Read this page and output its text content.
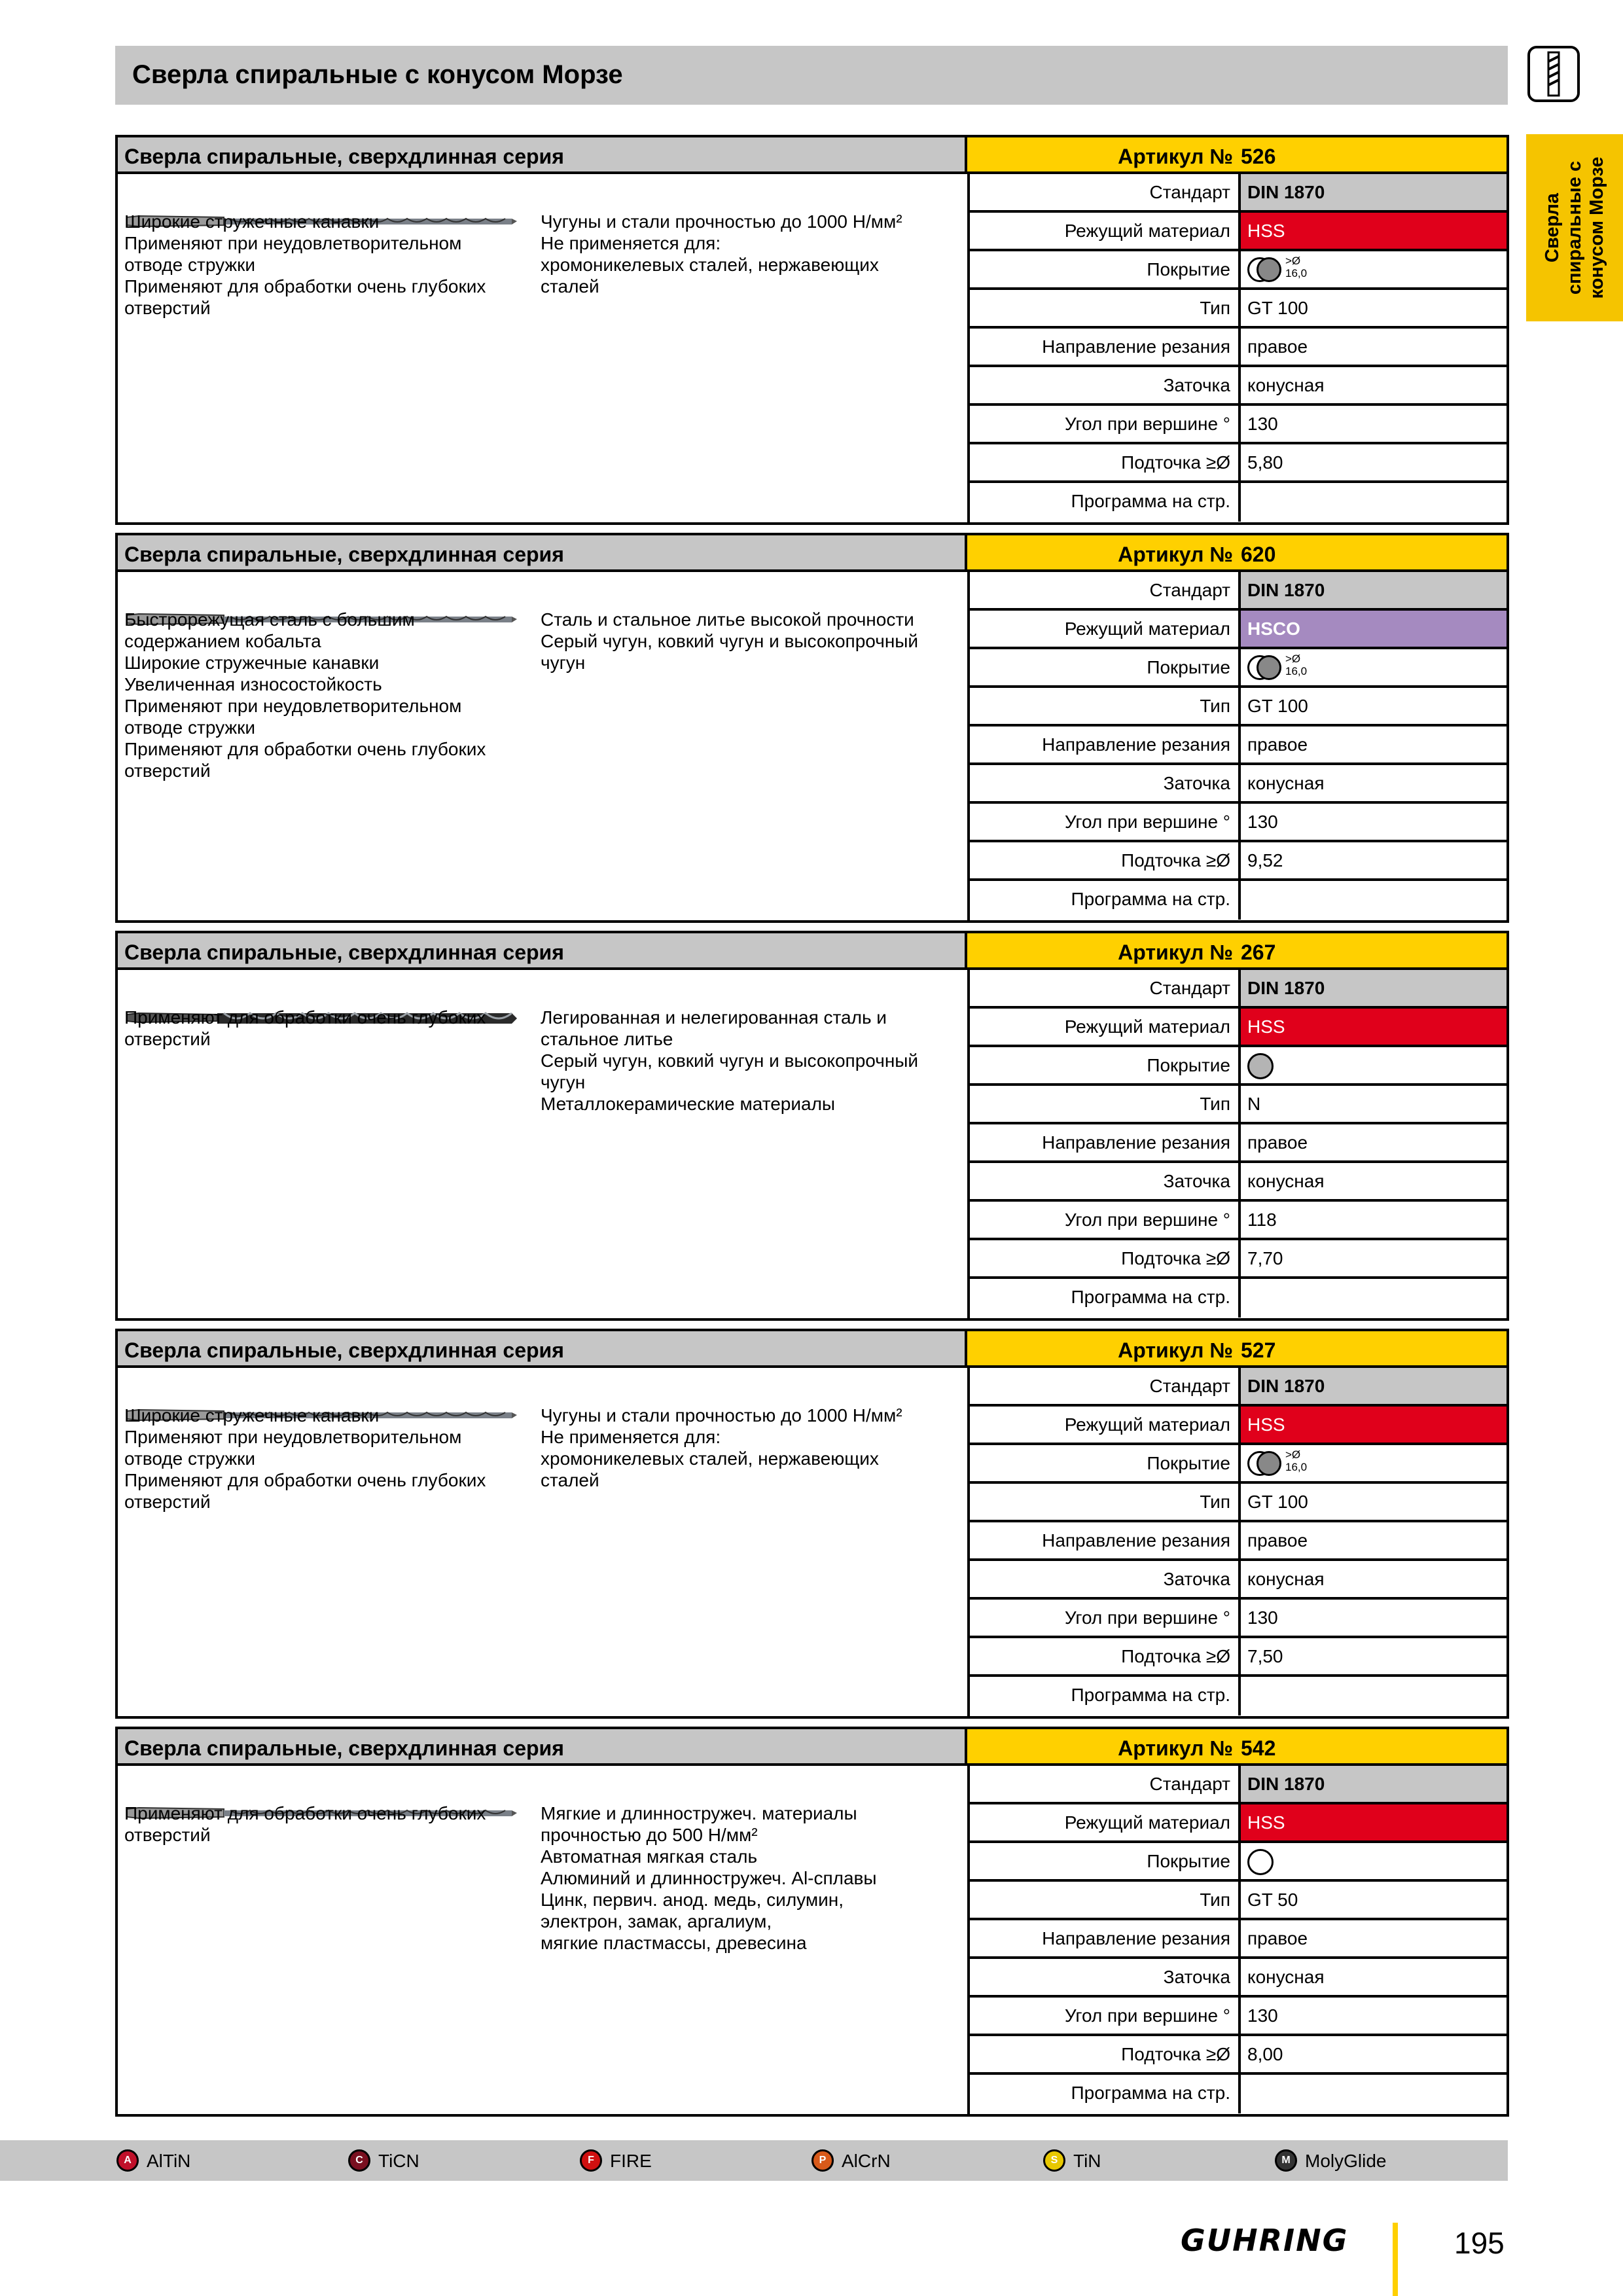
Сверла спиральные с конусом Морзе
Сверла спиральные с конусом Морзе
Сверла спиральные, сверхдлинная серия	Артикул № 526
Широкие стружечные канавки
Применяют при неудовлетворительном
отводе стружки
Применяют для обработки очень глубоких
отверстий
Чугуны и стали прочностью до 1000 Н/мм²
Не применяется для:
хромоникелевых сталей, нержавеющих
сталей
Стандарт DIN 1870
Режущий материал HSS
Покрытие	>Ø
16,0
Тип GT 100
Направление резания правое
Заточка конусная
Угол при вершине ° 130
Подточка ≥Ø 5,80
Программа на стр.
Сверла спиральные, сверхдлинная серия	Артикул № 620
Быстрорежущая сталь с большим
содержанием кобальта
Широкие стружечные канавки
Увеличенная износостойкость
Применяют при неудовлетворительном
отводе стружки
Применяют для обработки очень глубоких
отверстий
Сталь и стальное литье высокой прочности
Серый чугун, ковкий чугун и высокопрочный
чугун
Стандарт DIN 1870
Режущий материал HSCO
Покрытие	>Ø
16,0
Тип GT 100
Направление резания правое
Заточка конусная
Угол при вершине ° 130
Подточка ≥Ø 9,52
Программа на стр.
Сверла спиральные, сверхдлинная серия	Артикул № 267
Применяют для обработки очень глубоких
отверстий
Легированная и нелегированная сталь и
стальное литье
Серый чугун, ковкий чугун и высокопрочный
чугун
Металлокерамические материалы
Стандарт DIN 1870
Режущий материал HSS
Покрытие
Тип N
Направление резания правое
Заточка конусная
Угол при вершине ° 118
Подточка ≥Ø 7,70
Программа на стр.
Сверла спиральные, сверхдлинная серия	Артикул № 527
Широкие стружечные канавки
Применяют при неудовлетворительном
отводе стружки
Применяют для обработки очень глубоких
отверстий
Чугуны и стали прочностью до 1000 Н/мм²
Не применяется для:
хромоникелевых сталей, нержавеющих
сталей
Стандарт DIN 1870
Режущий материал HSS
Покрытие	>Ø
16,0
Тип GT 100
Направление резания правое
Заточка конусная
Угол при вершине ° 130
Подточка ≥Ø 7,50
Программа на стр.
Сверла спиральные, сверхдлинная серия	Артикул № 542
Применяют для обработки очень глубоких
отверстий
Мягкие и длинностружеч. материалы
прочностью до 500 Н/мм²
Автоматная мягкая сталь
Алюминий и длинностружеч. Al-сплавы
Цинк, первич. анод. медь, силумин,
электрон, замак, аргалиум,
мягкие пластмассы, древесина
Стандарт DIN 1870
Режущий материал HSS
Покрытие
Тип GT 50
Направление резания правое
Заточка конусная
Угол при вершине ° 130
Подточка ≥Ø 8,00
Программа на стр.
A AlTiN	C TiCN	F FIRE	P AlCrN	S TiN	M MolyGlide
GUHRING	195
